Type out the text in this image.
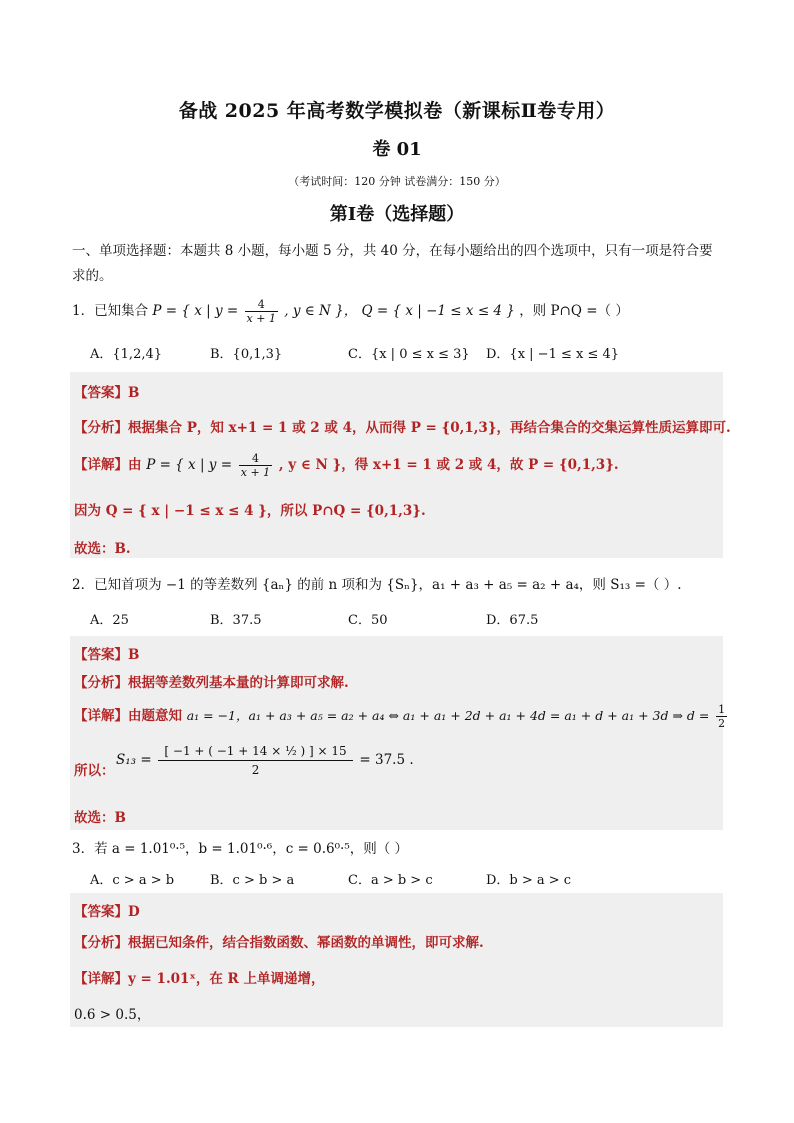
备战 2025 年高考数学模拟卷（新课标Ⅱ卷专用）
卷 01
（考试时间：120 分钟 试卷满分：150 分）
第Ⅰ卷（选择题）
一、单项选择题：本题共 8 小题，每小题 5 分，共 40 分，在每小题给出的四个选项中，只有一项是符合要
求的。
1．已知集合 P = { x | $y = \frac{4}{x + 1}$ , y ∈ N }， Q = { x | −1 ≤ x ≤ 4 } ，则 P∩Q =（ ）
A．{1,2,4}	B．{0,1,3}	C．{x | 0 ≤ x ≤ 3} D．{x | −1 ≤ x ≤ 4}
【答案】B
【分析】根据集合 P，知 x+1 = 1 或 2 或 4，从而得 P = {0,1,3}，再结合集合的交集运算性质运算即可.
【详解】由 P = { x | $y = \frac{4}{x + 1}$ , y ∈ N }，得 x+1 = 1 或 2 或 4，故 P = {0,1,3}.
因为 Q = { x | −1 ≤ x ≤ 4 }，所以 P∩Q = {0,1,3}.
故选：B.
2．已知首项为 −1 的等差数列 {aₙ} 的前 n 项和为 {Sₙ}，a₁ + a₃ + a₅ = a₂ + a₄，则 S₁₃ =（ ）.
A．25	B．37.5	C．50	D．67.5
【答案】B
【分析】根据等差数列基本量的计算即可求解.
【详解】由题意知 a₁ = −1，a₁ + a₃ + a₅ = a₂ + a₄ ⇔ a₁ + a₁ + 2d + a₁ + 4d = a₁ + d + a₁ + 3d ⇒ $d = \frac{1}{2}$
所以：
$S_{13} = \frac{\text{[ −1 + ( −1 + 14 × ½ ) ] × 15}}{2} = 37.5$ .
故选：B
3．若 a = 1.01⁰·⁵，b = 1.01⁰·⁶，c = 0.6⁰·⁵，则（ ）
A．c > a > b	B．c > b > a	C．a > b > c	D．b > a > c
【答案】D
【分析】根据已知条件，结合指数函数、幂函数的单调性，即可求解.
【详解】y = 1.01ˣ，在 R 上单调递增，
0.6 > 0.5，
